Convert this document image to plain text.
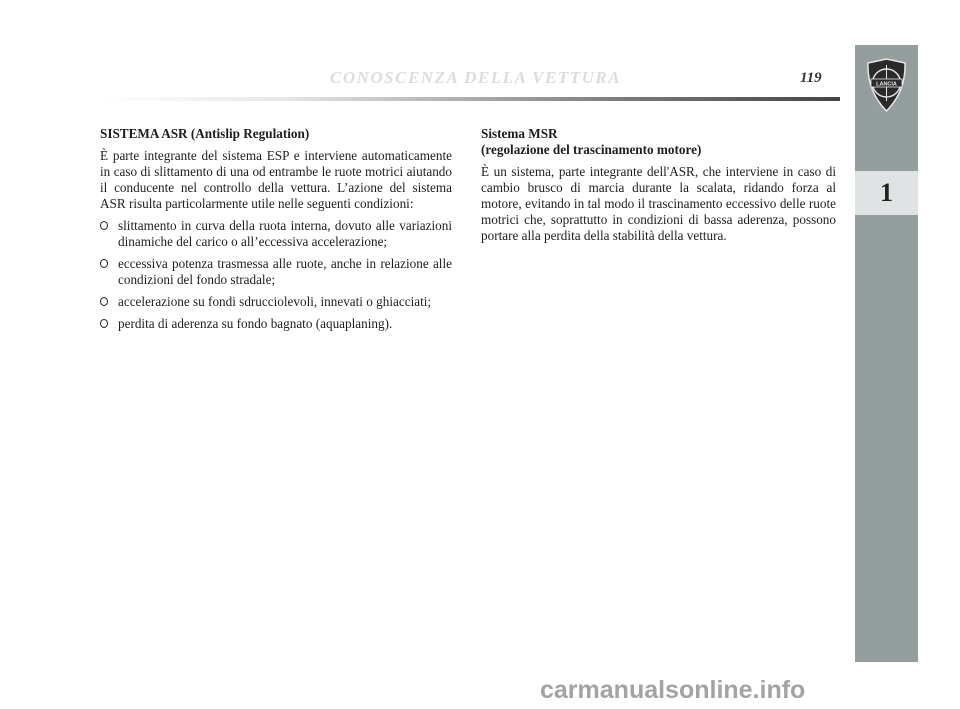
CONOSCENZA DELLA VETTURA	119	LANCIA
1
SISTEMA ASR (Antislip Regulation)

È parte integrante del sistema ESP e interviene automaticamente in caso di slittamento di una od entrambe le ruote motrici aiutando il conducente nel controllo della vettura. L’azione del sistema ASR risulta particolarmente utile nelle seguenti condizioni:

slittamento in curva della ruota interna, dovuto alle variazioni dinamiche del carico o all’eccessiva accelerazione;
eccessiva potenza trasmessa alle ruote, anche in relazione alle condizioni del fondo stradale;
accelerazione su fondi sdrucciolevoli, innevati o ghiacciati;
perdita di aderenza su fondo bagnato (aquaplaning).
Sistema MSR
(regolazione del trascinamento motore)

È un sistema, parte integrante dell'ASR, che interviene in caso di cambio brusco di marcia durante la scalata, ridando forza al motore, evitando in tal modo il trascinamento eccessivo delle ruote motrici che, soprattutto in condizioni di bassa aderenza, possono portare alla perdita della stabilità della vettura.

carmanualsonline.info
